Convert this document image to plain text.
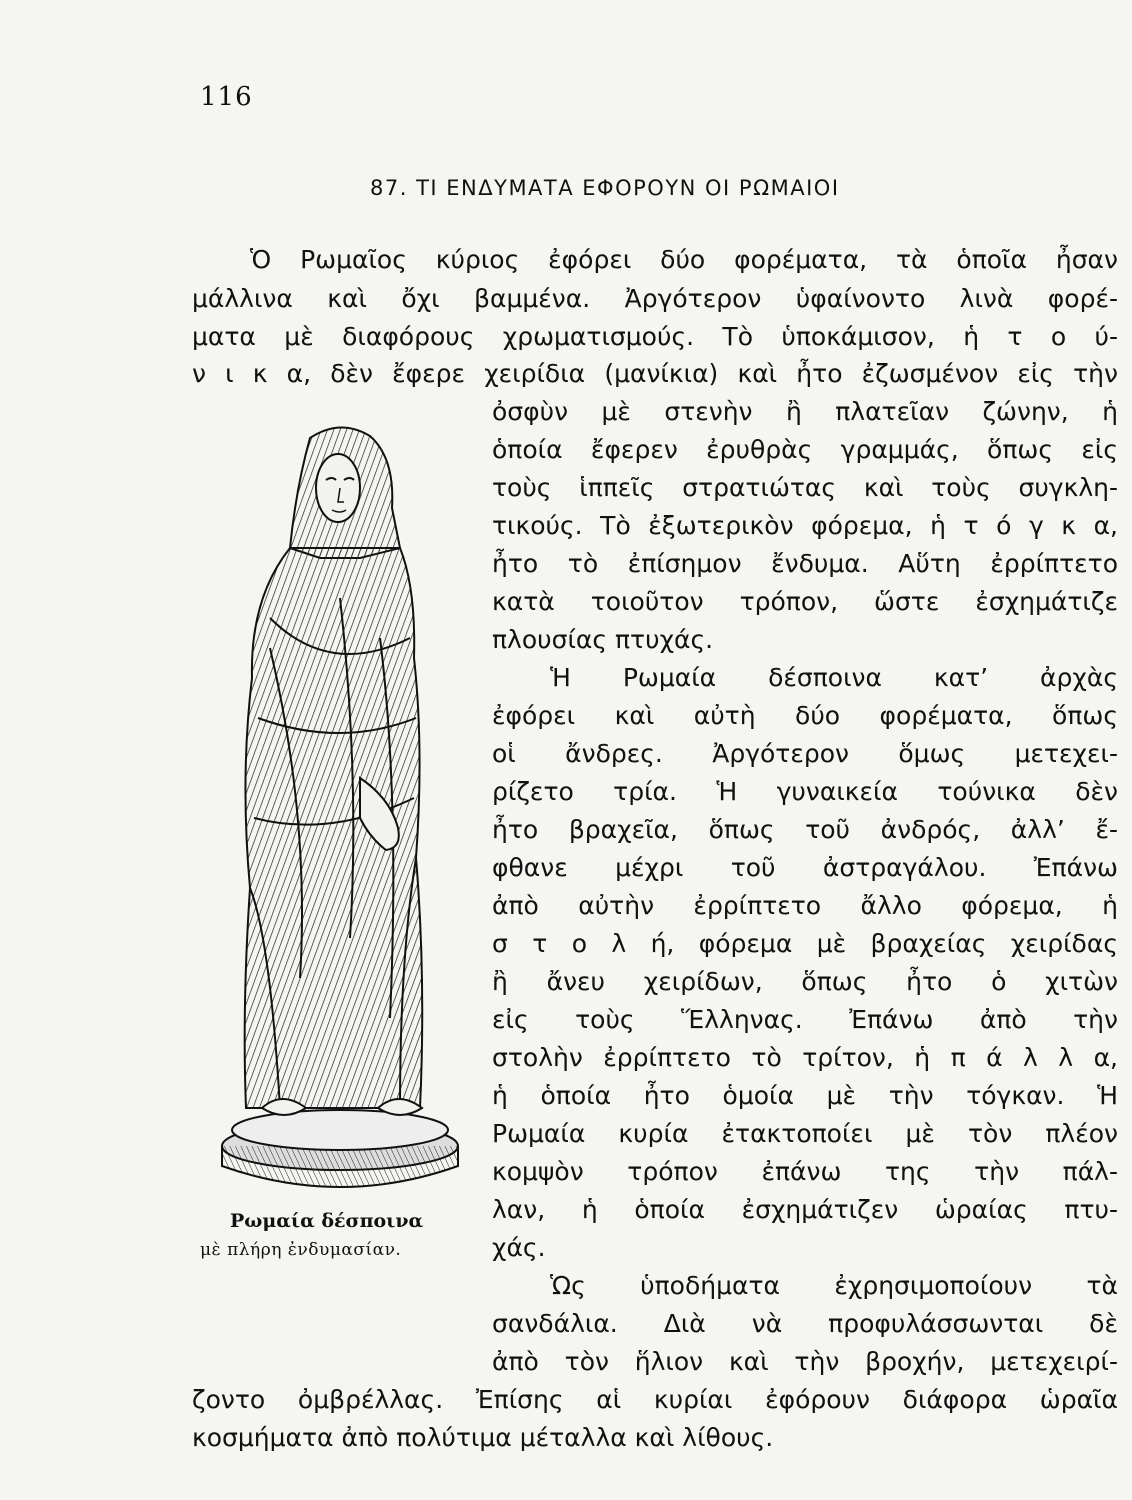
116
87. ΤΙ ΕΝΔΥΜΑΤΑ ΕΦΟΡΟΥΝ ΟΙ ΡΩΜΑΙΟΙ
Ὁ Ρωμαῖος κύριος ἐφόρει δύο φορέματα, τὰ ὁποῖα ἦσαν
μάλλινα καὶ ὄχι βαμμένα. Ἀργότερον ὑφαίνοντο λινὰ φορέ-
ματα μὲ διαφόρους χρωματισμούς. Τὸ ὑποκάμισον, ἡ τ ο ύ-
ν ι κ α, δὲν ἔφερε χειρίδια (μανίκια) καὶ ἦτο ἐζωσμένον εἰς τὴν
ὀσφὺν μὲ στενὴν ἢ πλατεῖαν ζώνην, ἡ
ὁποία ἔφερεν ἐρυθρὰς γραμμάς, ὅπως εἰς
τοὺς ἱππεῖς στρατιώτας καὶ τοὺς συγκλη-
τικούς. Τὸ ἐξωτερικὸν φόρεμα, ἡ τ ό γ κ α,
ἦτο τὸ ἐπίσημον ἔνδυμα. Αὕτη ἐρρίπτετο
κατὰ τοιοῦτον τρόπον, ὥστε ἐσχημάτιζε
πλουσίας πτυχάς.
Ἡ Ρωμαία δέσποινα κατ’ ἀρχὰς
ἐφόρει καὶ αὐτὴ δύο φορέματα, ὅπως
οἱ ἄνδρες. Ἀργότερον ὅμως μετεχει-
ρίζετο τρία. Ἡ γυναικεία τούνικα δὲν
ἦτο βραχεῖα, ὅπως τοῦ ἀνδρός, ἀλλ’ ἔ-
φθανε μέχρι τοῦ ἀστραγάλου. Ἐπάνω
ἀπὸ αὐτὴν ἐρρίπτετο ἄλλο φόρεμα, ἡ
σ τ ο λ ή, φόρεμα μὲ βραχείας χειρίδας
ἢ ἄνευ χειρίδων, ὅπως ἦτο ὁ χιτὼν
εἰς τοὺς Ἕλληνας. Ἐπάνω ἀπὸ τὴν
στολὴν ἐρρίπτετο τὸ τρίτον, ἡ π ά λ λ α,
ἡ ὁποία ἦτο ὁμοία μὲ τὴν τόγκαν. Ἡ
Ρωμαία κυρία ἐτακτοποίει μὲ τὸν πλέον
κομψὸν τρόπον ἐπάνω της τὴν πάλ-
λαν, ἡ ὁποία ἐσχημάτιζεν ὡραίας πτυ-
χάς.
Ὡς ὑποδήματα ἐχρησιμοποίουν τὰ
σανδάλια. Διὰ νὰ προφυλάσσωνται δὲ
ἀπὸ τὸν ἥλιον καὶ τὴν βροχήν, μετεχειρί-
ζοντο ὀμβρέλλας. Ἐπίσης αἱ κυρίαι ἐφόρουν διάφορα ὡραῖα
κοσμήματα ἀπὸ πολύτιμα μέταλλα καὶ λίθους.
Ρωμαία δέσποινα
μὲ πλήρη ἐνδυμασίαν.
